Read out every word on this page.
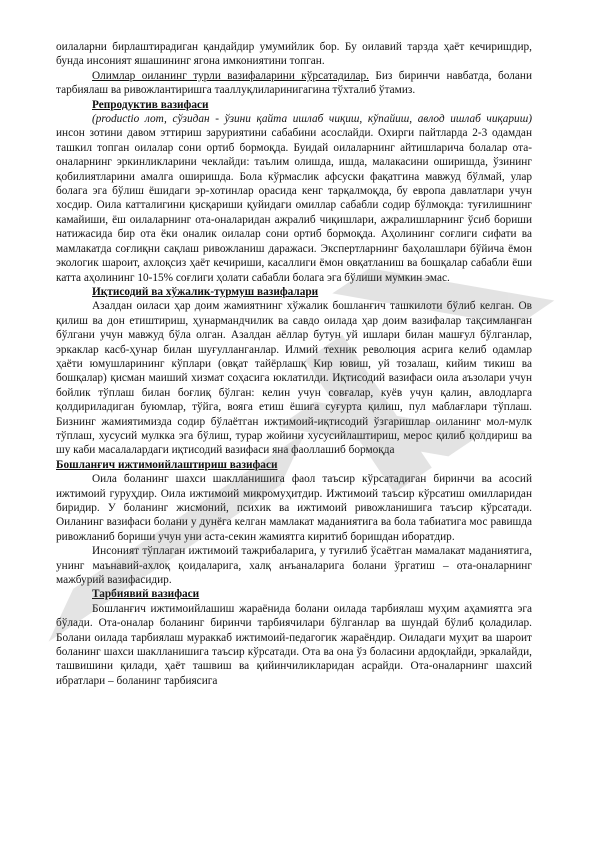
оилаларни бирлаштирадиган қандайдир умумийлик бор. Бу оилавий тарзда ҳаёт кечиришдир, бунда инсоният яшашининг ягона имкониятини топган.

Олимлар оиланинг турли вазифаларини кўрсатадилар. Биз биринчи навбатда, болани тарбиялаш ва ривожлантиришга тааллуқлиларинигагина тўхталиб ўтамиз.

Репродуктив вазифаси

(productio лот, сўзидан - ўзини қайта ишлаб чиқиш, кўпайиш, авлод ишлаб чиқариш) инсон зотини давом эттириш заруриятини сабабини асослайди. Охирги пайтларда 2-3 одамдан ташкил топган оилалар сони ортиб бормоқда. Буидай оилаларнинг айтишларича болалар ота-оналарнинг эркинликларини чеклайди: таълим олишда, ишда, малакасини оширишда, ўзининг қобилиятларини амалга оширишда. Бола кўрмаслик афсуски фақатгина мавжуд бўлмай, улар болага эга бўлиш ёшидаги эр-хотинлар орасида кенг тарқалмоқда, бу европа давлатлари учун хосдир. Оила катталигини қисқариши қуйидаги омиллар сабабли содир бўлмоқда: туғилишнинг камайиши, ёш оилаларнинг ота-оналаридан ажралиб чиқишлари, ажралишларнинг ўсиб бориши натижасида бир ота ёки оналик оилалар сони ортиб бормоқда. Аҳолининг соғлиги сифати ва мамлакатда соғлиқни сақлаш ривожланиш даражаси. Экспертларнинг баҳолашлари бўйича ёмон экологик шароит, ахлоқсиз ҳаёт кечириши, касаллиги ёмон овқатланиш ва бошқалар сабабли ёши катта аҳолининг 10-15% соғлиги ҳолати сабабли болага эга бўлиши мумкин эмас.

Иқтисодий ва хўжалик-турмуш вазифалари

Азалдан оилаcи ҳар доим жамиятнинг хўжалик бошланғич ташкилоти бўлиб келган. Ов қилиш ва дон етиштириш, ҳунармандчилик ва савдо оилада ҳар доим вазифалар тақсимланган бўлгани учун мавжуд бўла олган. Азалдан аёллар бутун уй ишлари билан машғул бўлганлар, эркаклар касб-ҳунар билан шуғулланганлар. Илмий техник революция асрига келиб одамлар ҳаёти юмушларининг кўплари (овқат тайёрлашқ Кир ювиш, уй тозалаш, кийим тикиш ва бошқалар) қисман маиший хизмат соҳасига юклатилди. Иқтисодий вазифаси оила аъзолари учун бойлик тўплаш билан боғлиқ бўлган: келин учун совғалар, куёв учун қалин, авлодларга қолдириладиган буюмлар, тўйга, вояга етиш ёшига суғурта қилиш, пул маблағлари тўплаш. Бизнинг жамиятимизда содир бўлаётган ижтимоий-иқтисодий ўзгаришлар оиланинг мол-мулк тўплаш, хусусий мулкка эга бўлиш, турар жойини хусусийлаштириш, мерос қилиб қолдириш ва шу каби масалалардаги иқтисодий вазифаси яна фаоллашиб бормоқда

Бошланғич ижтимоийлаштириш вазифаси

Оила боланинг шахси шаклланишига фаол таъсир кўрсатадиган биринчи ва асосий ижтимоий гуруҳдир. Оила ижтимоий микромуҳитдир. Ижтимоий таъсир кўрсатиш омилларидан биридир. У боланинг жисмоний, психик ва ижтимоий ривожланишига таъсир кўрсатади. Оиланинг вазифаси болани у дунёга келган мамлакат маданиятига ва бола табиатига мос равишда ривожланиб бориши учун уни аста-секин жамиятга киритиб боришдан иборатдир.

Инсоният тўплаган ижтимоий тажрибаларига, у туғилиб ўсаётган мамалакат маданиятига, унинг маънавий-ахлоқ қоидаларига, халқ анъаналарига болани ўргатиш – ота-оналарнинг мажбурий вазифасидир.

Тарбиявий вазифаси

Бошланғич ижтимоийлашиш жараёнида болани оилада тарбиялаш муҳим аҳамиятга эга бўлади. Ота-оналар боланинг биринчи тарбиячилари бўлганлар ва шундай бўлиб қоладилар. Болани оилада тарбиялаш мураккаб ижтимоий-педагогик жараёндир. Оиладаги муҳит ва шароит боланинг шахси шаклланишига таъсир кўрсатади. Ота ва она ўз боласини ардоқлайди, эркалайди, ташвишини қилади, ҳаёт ташвиш ва қийинчиликларидан асрайди. Ота-оналарнинг шахсий ибратлари – боланинг тарбиясига
